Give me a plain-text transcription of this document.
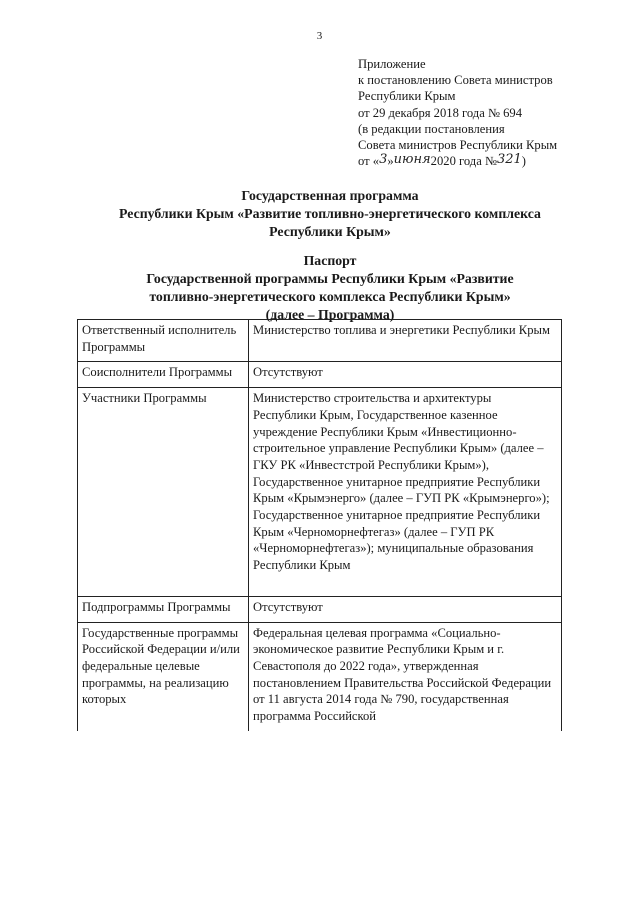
3
Приложение
к постановлению Совета министров
Республики Крым
от 29 декабря 2018 года № 694
(в редакции постановления
Совета министров Республики Крым
от «3»июня2020 года №321)
Государственная программа
Республики Крым «Развитие топливно-энергетического комплекса
Республики Крым»
Паспорт
Государственной программы Республики Крым «Развитие
топливно-энергетического комплекса Республики Крым»
(далее – Программа)
Ответственный исполнитель Программы	Министерство топлива и энергетики Республики Крым
Соисполнители Программы	Отсутствуют
Участники Программы	Министерство строительства и архитектуры Республики Крым, Государственное казенное учреждение Республики Крым «Инвестиционно-строительное управление Республики Крым» (далее – ГКУ РК «Инвестстрой Республики Крым»), Государственное унитарное предприятие Республики Крым «Крымэнерго» (далее – ГУП РК «Крымэнерго»); Государственное унитарное предприятие Республики Крым «Черноморнефтегаз» (далее – ГУП РК «Черноморнефтегаз»); муниципальные образования Республики Крым
Подпрограммы Программы	Отсутствуют
Государственные программы Российской Федерации и/или федеральные целевые программы, на реализацию которых	Федеральная целевая программа «Социально-экономическое развитие Республики Крым и г. Севастополя до 2022 года», утвержденная постановлением Правительства Российской Федерации от 11 августа 2014 года № 790, государственная программа Российской
